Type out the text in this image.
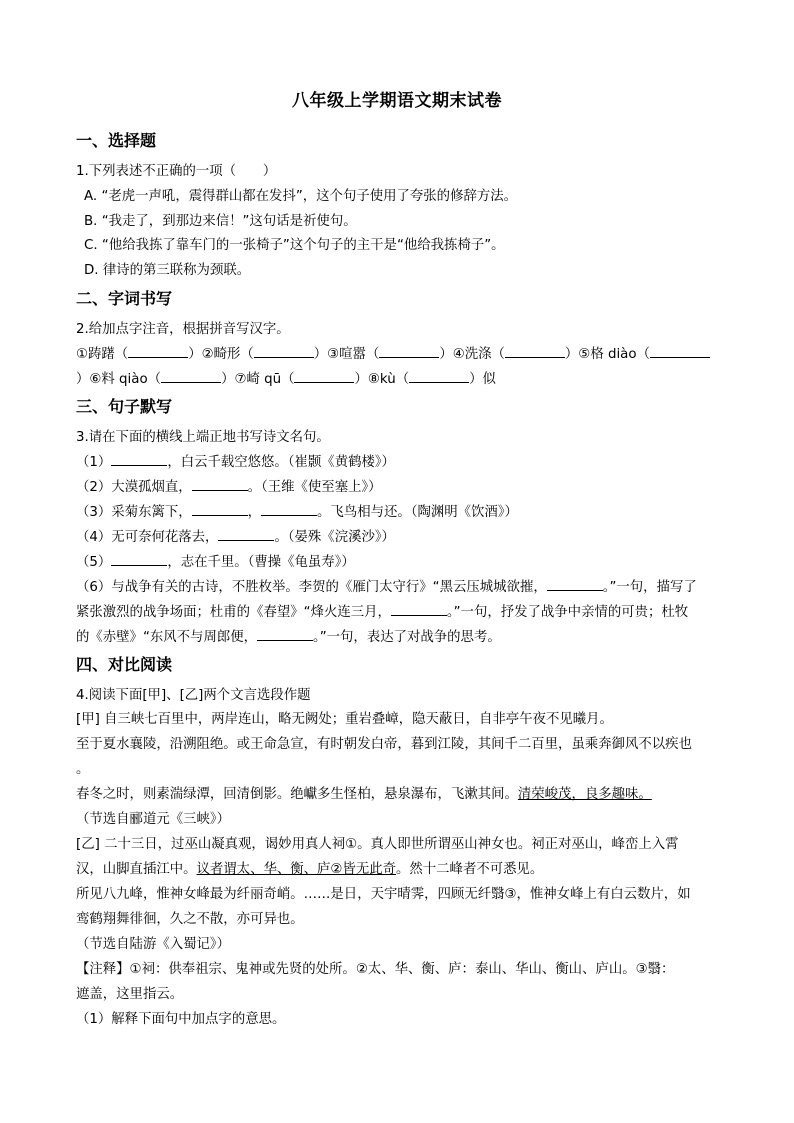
八年级上学期语文期末试卷
一、选择题
1.下列表述不正确的一项（　　）
A. “老虎一声吼，震得群山都在发抖”，这个句子使用了夸张的修辞方法。
B. “我走了，到那边来信！”这句话是祈使句。
C. “他给我拣了靠车门的一张椅子”这个句子的主干是“他给我拣椅子”。
D. 律诗的第三联称为颈联。
二、字词书写
2.给加点字注音，根据拼音写汉字。
①踌躇（	）②畸形（	）③喧嚣（	）④洗涤（	）⑤格 diào（
）⑥料 qiào（	）⑦崎 qū（	）⑧kù（	）似
三、句子默写
3.请在下面的横线上端正地书写诗文名句。
（1）	，白云千载空悠悠。（崔颢《黄鹤楼》）
（2）大漠孤烟直，	。（王维《使至塞上》）
（3）采菊东篱下，	，	。飞鸟相与还。（陶渊明《饮酒》）
（4）无可奈何花落去，	。（晏殊《浣溪沙》）
（5）	，志在千里。（曹操《龟虽寿》）
（6）与战争有关的古诗，不胜枚举。李贺的《雁门太守行》“黑云压城城欲摧，	。”一句，描写了
紧张激烈的战争场面；杜甫的《春望》“烽火连三月，	。”一句，抒发了战争中亲情的可贵；杜牧
的《赤壁》“东风不与周郎便，	。”一句，表达了对战争的思考。
四、对比阅读
4.阅读下面[甲]、[乙]两个文言选段作题
[甲] 自三峡七百里中，两岸连山，略无阙处；重岩叠嶂，隐天蔽日，自非亭午夜不见曦月。
至于夏水襄陵，沿溯阻绝。或王命急宣，有时朝发白帝，暮到江陵，其间千二百里，虽乘奔御风不以疾也
。
春冬之时，则素湍绿潭，回清倒影。绝巘多生怪柏，悬泉瀑布，飞漱其间。清荣峻茂，良多趣味。
（节选自郦道元《三峡》）
[乙] 二十三日，过巫山凝真观，谒妙用真人祠①。真人即世所谓巫山神女也。祠正对巫山，峰峦上入霄
汉，山脚直插江中。议者谓太、华、衡、庐②皆无此奇。然十二峰者不可悉见。
所见八九峰，惟神女峰最为纤丽奇峭。……是日，天宇晴霁，四顾无纤翳③，惟神女峰上有白云数片，如
鸾鹤翔舞徘徊，久之不散，亦可异也。
（节选自陆游《入蜀记》）
【注释】①祠：供奉祖宗、鬼神或先贤的处所。②太、华、衡、庐：泰山、华山、衡山、庐山。③翳：
遮盖，这里指云。
（1）解释下面句中加点字的意思。
